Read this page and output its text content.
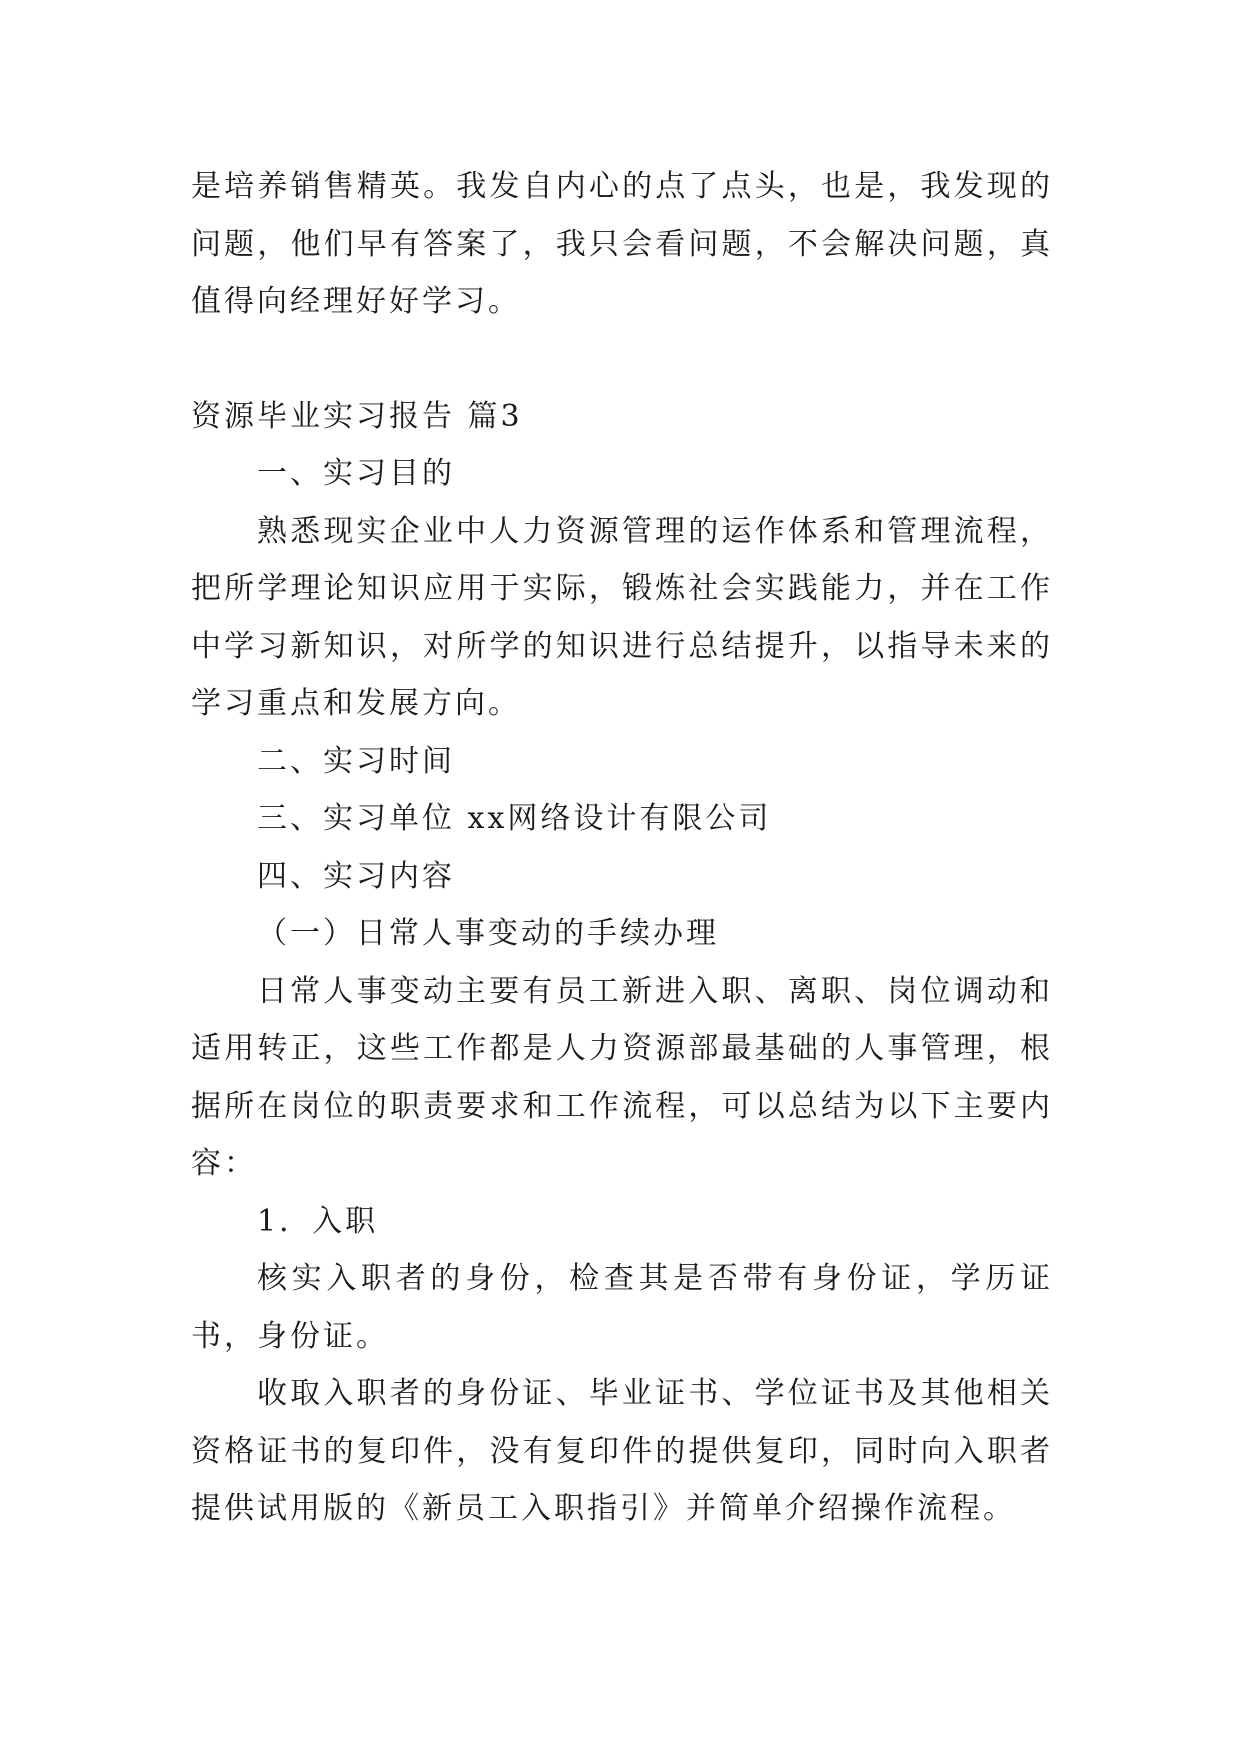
是培养销售精英。我发自内心的点了点头，也是，我发现的问题，他们早有答案了，我只会看问题，不会解决问题，真值得向经理好好学习。

资源毕业实习报告 篇3

一、实习目的

熟悉现实企业中人力资源管理的运作体系和管理流程，把所学理论知识应用于实际，锻炼社会实践能力，并在工作中学习新知识，对所学的知识进行总结提升，以指导未来的学习重点和发展方向。

二、实习时间

三、实习单位 xx网络设计有限公司

四、实习内容

（一）日常人事变动的手续办理

日常人事变动主要有员工新进入职、离职、岗位调动和适用转正，这些工作都是人力资源部最基础的人事管理，根据所在岗位的职责要求和工作流程，可以总结为以下主要内容：

1．入职

核实入职者的身份，检查其是否带有身份证，学历证书，身份证。

收取入职者的身份证、毕业证书、学位证书及其他相关资格证书的复印件，没有复印件的提供复印，同时向入职者提供试用版的《新员工入职指引》并简单介绍操作流程。
